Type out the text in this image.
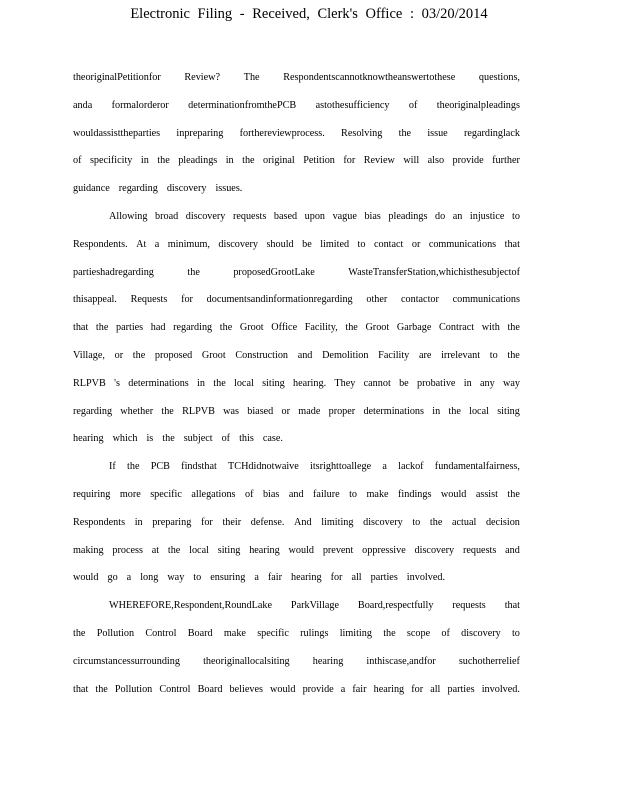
Electronic Filing - Received, Clerk's Office : 03/20/2014
theoriginalPetitionfor Review? The Respondentscannotknowtheanswertothese questions,
anda formalorderor determinationfromthePCB astothesufficiency of theoriginalpleadings
wouldassisttheparties inpreparing forthereviewprocess. Resolving the issue regardinglack
of specificity in the pleadings in the original Petition for Review will also provide further
guidance regarding discovery issues.
Allowing broad discovery requests based upon vague bias pleadings do an injustice to
Respondents. At a minimum, discovery should be limited to contact or communications that
partieshadregarding	the	proposedGrootLake	WasteTransferStation,whichisthesubjectof
thisappeal. Requests for documentsandinformationregarding other contactor communications
that the parties had regarding the Groot Office Facility, the Groot Garbage Contract with the
Village, or the proposed Groot Construction and Demolition Facility are irrelevant to the
RLPVB 's determinations in the local siting hearing. They cannot be probative in any way
regarding whether the RLPVB was biased or made proper determinations in the local siting
hearing which is the subject of this case.
If the PCB findsthat TCHdidnotwaive itsrighttoallege a lackof fundamentalfairness,
requiring more specific allegations of bias and failure to make findings would assist the
Respondents in preparing for their defense. And limiting discovery to the actual decision
making process at the local siting hearing would prevent oppressive discovery requests and
would go a long way to ensuring a fair hearing for all parties involved.
WHEREFORE,Respondent,RoundLake ParkVillage Board,respectfully requests that
the Pollution Control Board make specific rulings limiting the scope of discovery to
circumstancessurrounding theoriginallocalsiting hearing inthiscase,andfor suchotherrelief
that the Pollution Control Board believes would provide a fair hearing for all parties involved.
